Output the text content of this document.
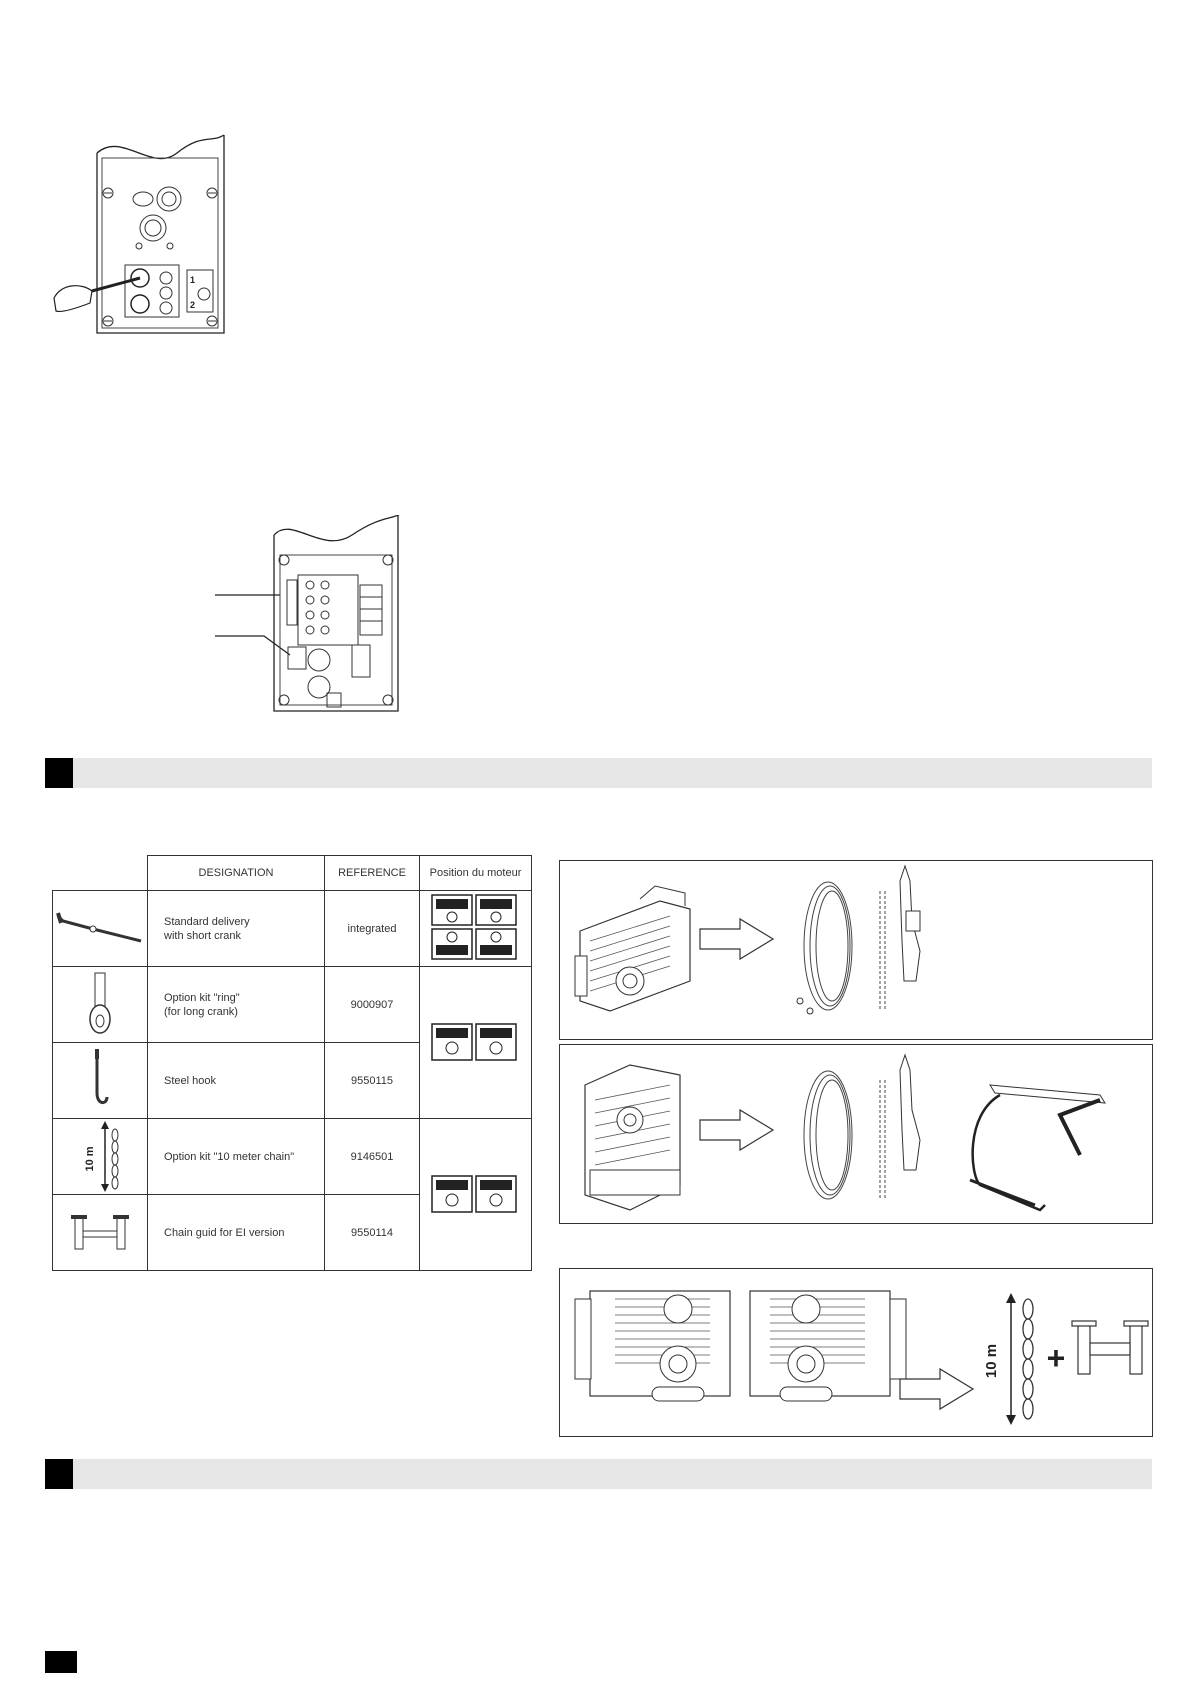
1
2
	DESIGNATION	REFERENCE	Position du moteur

Standard delivery
with short crank	integrated	

Option kit "ring"
(for long crank)	9000907	

	Steel hook	9550115	

10 m	Option kit "10 meter chain"	9146501	

	Chain guid for EI version	9550114	
10 m +
